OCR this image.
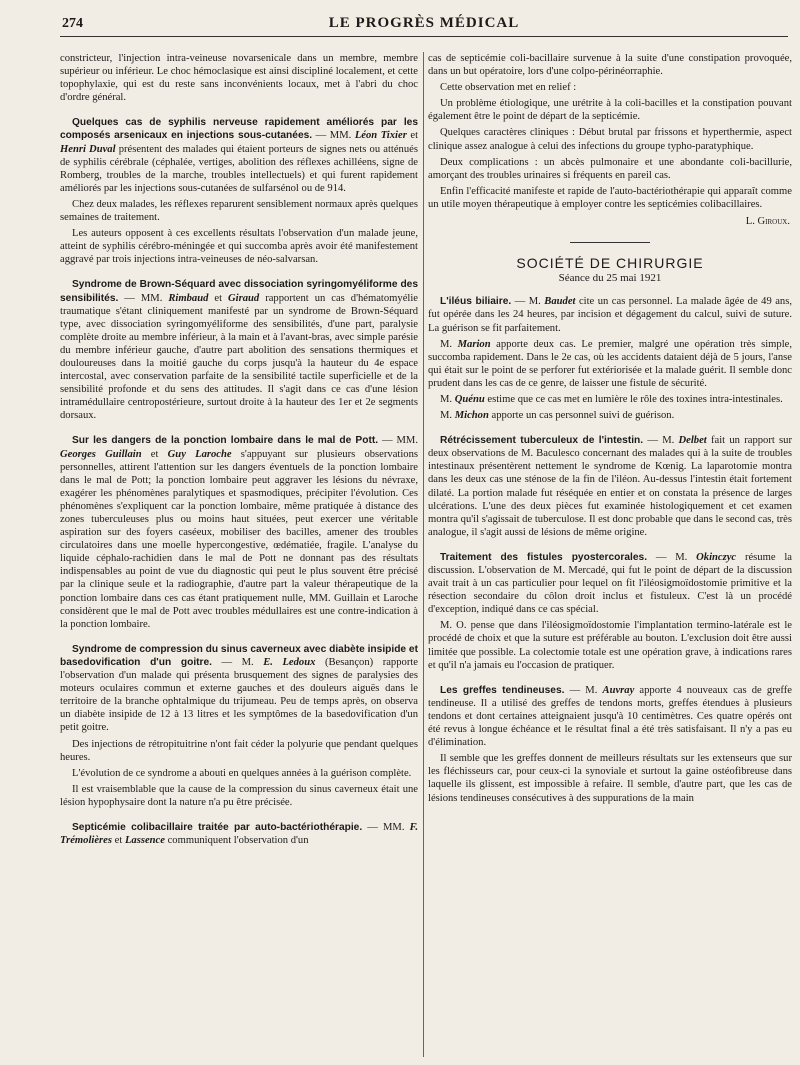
274	LE PROGRÈS MÉDICAL

constricteur, l'injection intra-veineuse novarsenicale dans un membre, membre supérieur ou inférieur. Le choc hémoclasique est ainsi discipliné localement, et cette topophylaxie, qui est du reste sans inconvénients locaux, met à l'abri du choc d'ordre général.

Quelques cas de syphilis nerveuse rapidement améliorés par les composés arsenicaux en injections sous-cutanées. — MM. Léon Tixier et Henri Duval présentent des malades qui étaient porteurs de signes nets ou atténués de syphilis cérébrale (céphalée, vertiges, abolition des réflexes achilléens, signe de Romberg, troubles de la marche, troubles intellectuels) et qui furent rapidement améliorés par les injections sous-cutanées de sulfarsénol ou de 914.

Chez deux malades, les réflexes reparurent sensiblement normaux après quelques semaines de traitement.

Les auteurs opposent à ces excellents résultats l'observation d'un malade jeune, atteint de syphilis cérébro-méningée et qui succomba après avoir été manifestement aggravé par trois injections intra-veineuses de néo-salvarsan.

Syndrome de Brown-Séquard avec dissociation syringomyéliforme des sensibilités. — MM. Rimbaud et Giraud rapportent un cas d'hématomyélie traumatique s'étant cliniquement manifesté par un syndrome de Brown-Séquard type, avec dissociation syringomyéliforme des sensibilités, d'une part, paralysie complète droite au membre inférieur, à la main et à l'avant-bras, avec simple parésie du membre inférieur gauche, d'autre part abolition des sensations thermiques et douloureuses dans la moitié gauche du corps jusqu'à la hauteur du 4e espace intercostal, avec conservation parfaite de la sensibilité tactile superficielle et de la sensibilité profonde et du sens des attitudes. Il s'agit dans ce cas d'une lésion intramédullaire centropostérieure, surtout droite à la hauteur des 1er et 2e segments dorsaux.

Sur les dangers de la ponction lombaire dans le mal de Pott. — MM. Georges Guillain et Guy Laroche s'appuyant sur plusieurs observations personnelles, attirent l'attention sur les dangers éventuels de la ponction lombaire dans le mal de Pott; la ponction lombaire peut aggraver les lésions du névraxe, exagérer les phénomènes paralytiques et spasmodiques, précipiter l'évolution. Ces phénomènes s'expliquent car la ponction lombaire, même pratiquée à distance des zones tuberculeuses plus ou moins haut situées, peut exercer une véritable aspiration sur des foyers caséeux, mobiliser des bacilles, amener des troubles circulatoires dans une moelle hypercongestive, œdématiée, fragile. L'analyse du liquide céphalo-rachidien dans le mal de Pott ne donnant pas des résultats indispensables au point de vue du diagnostic qui peut le plus souvent être précisé par la clinique seule et la radiographie, d'autre part la valeur thérapeutique de la ponction lombaire dans ces cas étant pratiquement nulle, MM. Guillain et Laroche considèrent que le mal de Pott avec troubles médullaires est une contre-indication à la ponction lombaire.

Syndrome de compression du sinus caverneux avec diabète insipide et basedovification d'un goitre. — M. E. Ledoux (Besançon) rapporte l'observation d'un malade qui présenta brusquement des signes de paralysies des moteurs oculaires commun et externe gauches et des douleurs aiguës dans le territoire de la branche ophtalmique du trijumeau. Peu de temps après, on observa un diabète insipide de 12 à 13 litres et les symptômes de la basedovification d'un petit goitre.

Des injections de rétropituitrine n'ont fait céder la polyurie que pendant quelques heures.

L'évolution de ce syndrome a abouti en quelques années à la guérison complète.

Il est vraisemblable que la cause de la compression du sinus caverneux était une lésion hypophysaire dont la nature n'a pu être précisée.

Septicémie colibacillaire traitée par auto-bactériothérapie. — MM. F. Trémolières et Lassence communiquent l'observation d'un

cas de septicémie coli-bacillaire survenue à la suite d'une constipation provoquée, dans un but opératoire, lors d'une colpo-périnéorraphie.

Cette observation met en relief :

Un problème étiologique, une urétrite à la coli-bacilles et la constipation pouvant également être le point de départ de la septicémie.

Quelques caractères cliniques : Début brutal par frissons et hyperthermie, aspect clinique assez analogue à celui des infections du groupe typho-paratyphique.

Deux complications : un abcès pulmonaire et une abondante coli-bacillurie, amorçant des troubles urinaires si fréquents en pareil cas.

Enfin l'efficacité manifeste et rapide de l'auto-bactériothérapie qui apparaît comme un utile moyen thérapeutique à employer contre les septicémies colibacillaires.

L. Giroux.
SOCIÉTÉ DE CHIRURGIE
Séance du 25 mai 1921

L'iléus biliaire. — M. Baudet cite un cas personnel. La malade âgée de 49 ans, fut opérée dans les 24 heures, par incision et dégagement du calcul, suivi de suture. La guérison se fit parfaitement.

M. Marion apporte deux cas. Le premier, malgré une opération très simple, succomba rapidement. Dans le 2e cas, où les accidents dataient déjà de 5 jours, l'anse qui était sur le point de se perforer fut extériorisée et la malade guérit. Il semble donc prudent dans les cas de ce genre, de laisser une fistule de sécurité.

M. Quénu estime que ce cas met en lumière le rôle des toxines intra-intestinales.

M. Michon apporte un cas personnel suivi de guérison.

Rétrécissement tuberculeux de l'intestin. — M. Delbet fait un rapport sur deux observations de M. Baculesco concernant des malades qui à la suite de troubles intestinaux présentèrent nettement le syndrome de Kœnig. La laparotomie montra dans les deux cas une sténose de la fin de l'iléon. Au-dessus l'intestin était fortement dilaté. La portion malade fut réséquée en entier et on constata la présence de larges ulcérations. L'une des deux pièces fut examinée histologiquement et cet examen montra qu'il s'agissait de tuberculose. Il est donc probable que dans le second cas, très analogue, il s'agit aussi de lésions de même origine.

Traitement des fistules pyostercorales. — M. Okinczyc résume la discussion. L'observation de M. Mercadé, qui fut le point de départ de la discussion avait trait à un cas particulier pour lequel on fit l'iléosigmoïdostomie primitive et la résection secondaire du côlon droit inclus et fistuleux. C'est là un procédé d'exception, indiqué dans ce cas spécial.

M. O. pense que dans l'iléosigmoïdostomie l'implantation termino-latérale est le procédé de choix et que la suture est préférable au bouton. L'exclusion doit être aussi limitée que possible. La colectomie totale est une opération grave, à indications rares et qu'il n'a jamais eu l'occasion de pratiquer.

Les greffes tendineuses. — M. Auvray apporte 4 nouveaux cas de greffe tendineuse. Il a utilisé des greffes de tendons morts, greffes étendues à plusieurs tendons et dont certaines atteignaient jusqu'à 10 centimètres. Ces quatre opérés ont été revus à longue échéance et le résultat final a été très satisfaisant. Il n'y a pas eu d'élimination.

Il semble que les greffes donnent de meilleurs résultats sur les extenseurs que sur les fléchisseurs car, pour ceux-ci la synoviale et surtout la gaine ostéofibreuse dans laquelle ils glissent, est impossible à refaire. Il semble, d'autre part, que les cas de lésions tendineuses consécutives à des suppurations de la main
